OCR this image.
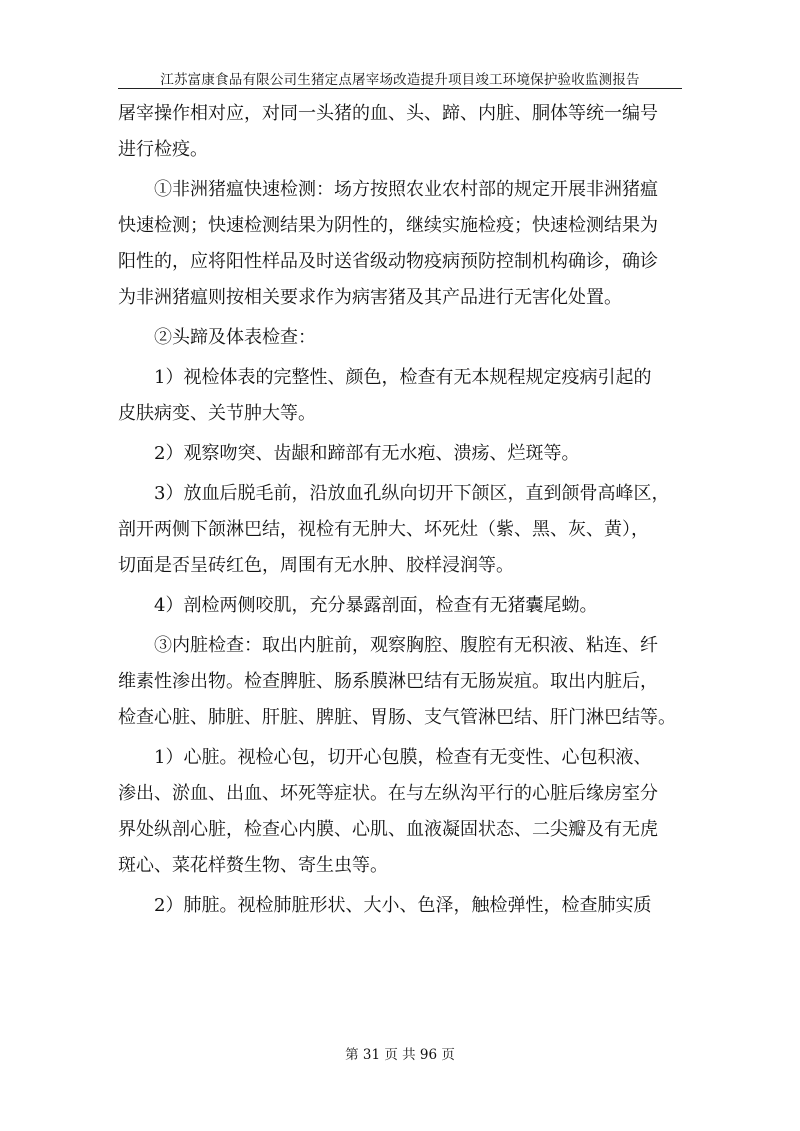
江苏富康食品有限公司生猪定点屠宰场改造提升项目竣工环境保护验收监测报告

屠宰操作相对应，对同一头猪的血、头、蹄、内脏、胴体等统一编号

进行检疫。

①非洲猪瘟快速检测：场方按照农业农村部的规定开展非洲猪瘟

快速检测；快速检测结果为阴性的，继续实施检疫；快速检测结果为

阳性的，应将阳性样品及时送省级动物疫病预防控制机构确诊，确诊

为非洲猪瘟则按相关要求作为病害猪及其产品进行无害化处置。

②头蹄及体表检查：

1）视检体表的完整性、颜色，检查有无本规程规定疫病引起的

皮肤病变、关节肿大等。

2）观察吻突、齿龈和蹄部有无水疱、溃疡、烂斑等。

3）放血后脱毛前，沿放血孔纵向切开下颌区，直到颌骨高峰区，

剖开两侧下颌淋巴结，视检有无肿大、坏死灶（紫、黑、灰、黄），

切面是否呈砖红色，周围有无水肿、胶样浸润等。

4）剖检两侧咬肌，充分暴露剖面，检查有无猪囊尾蚴。

③内脏检查：取出内脏前，观察胸腔、腹腔有无积液、粘连、纤

维素性渗出物。检查脾脏、肠系膜淋巴结有无肠炭疽。取出内脏后，

检查心脏、肺脏、肝脏、脾脏、胃肠、支气管淋巴结、肝门淋巴结等。

1）心脏。视检心包，切开心包膜，检查有无变性、心包积液、

渗出、淤血、出血、坏死等症状。在与左纵沟平行的心脏后缘房室分

界处纵剖心脏，检查心内膜、心肌、血液凝固状态、二尖瓣及有无虎

斑心、菜花样赘生物、寄生虫等。

2）肺脏。视检肺脏形状、大小、色泽，触检弹性，检查肺实质

第 31 页 共 96 页
